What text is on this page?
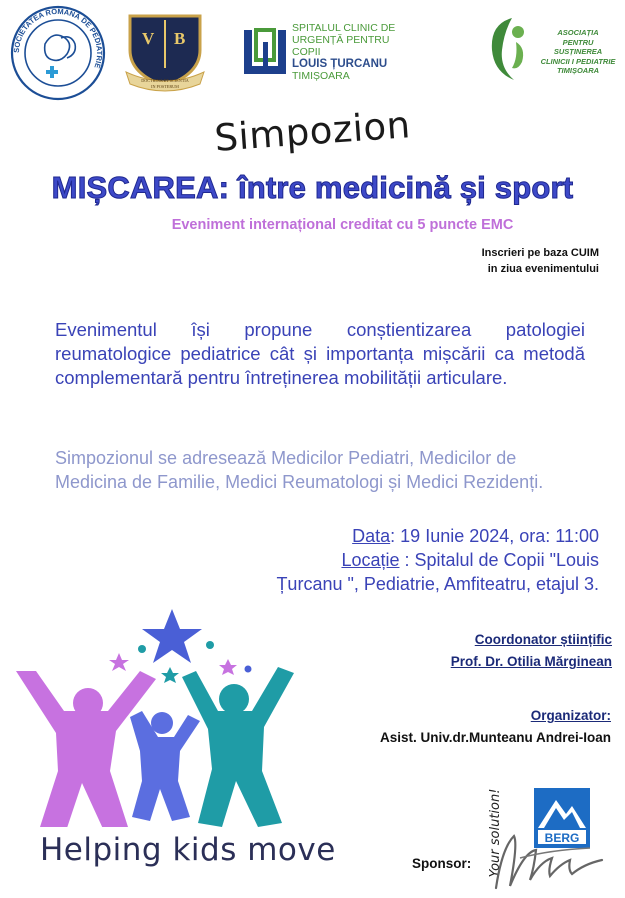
SOCIETATEA ROMÂNĂ DE PEDIATRIE
V B
DOCTRINA ET SCIENTIA
IN POSTERUM
SPITALUL CLINIC DE
URGENȚĂ PENTRU COPII
LOUIS ȚURCANU
TIMIȘOARA
ASOCIAȚIA
PENTRU SUSȚINEREA
CLINICII I PEDIATRIE
TIMIȘOARA
Simpozion
MIȘCAREA: între medicină și sport
Eveniment internațional creditat cu 5 puncte EMC
Inscrieri pe baza CUIM
in ziua evenimentului
Evenimentul își propune conștientizarea patologiei reumatologice pediatrice cât și importanța mișcării ca metodă complementară pentru întreținerea mobilității articulare.
Simpozionul se adresează Medicilor Pediatri, Medicilor de Medicina de Familie, Medici Reumatologi și Medici Rezidenți.
Data: 19 Iunie 2024, ora: 11:00
Locație : Spitalul de Copii "Louis
Țurcanu ", Pediatrie, Amfiteatru, etajul 3.
Helping kids move
Coordonator științific
Prof. Dr. Otilia Mărginean
Organizator:
Asist. Univ.dr.Munteanu Andrei-Ioan
Sponsor: Your solution!	BERG
